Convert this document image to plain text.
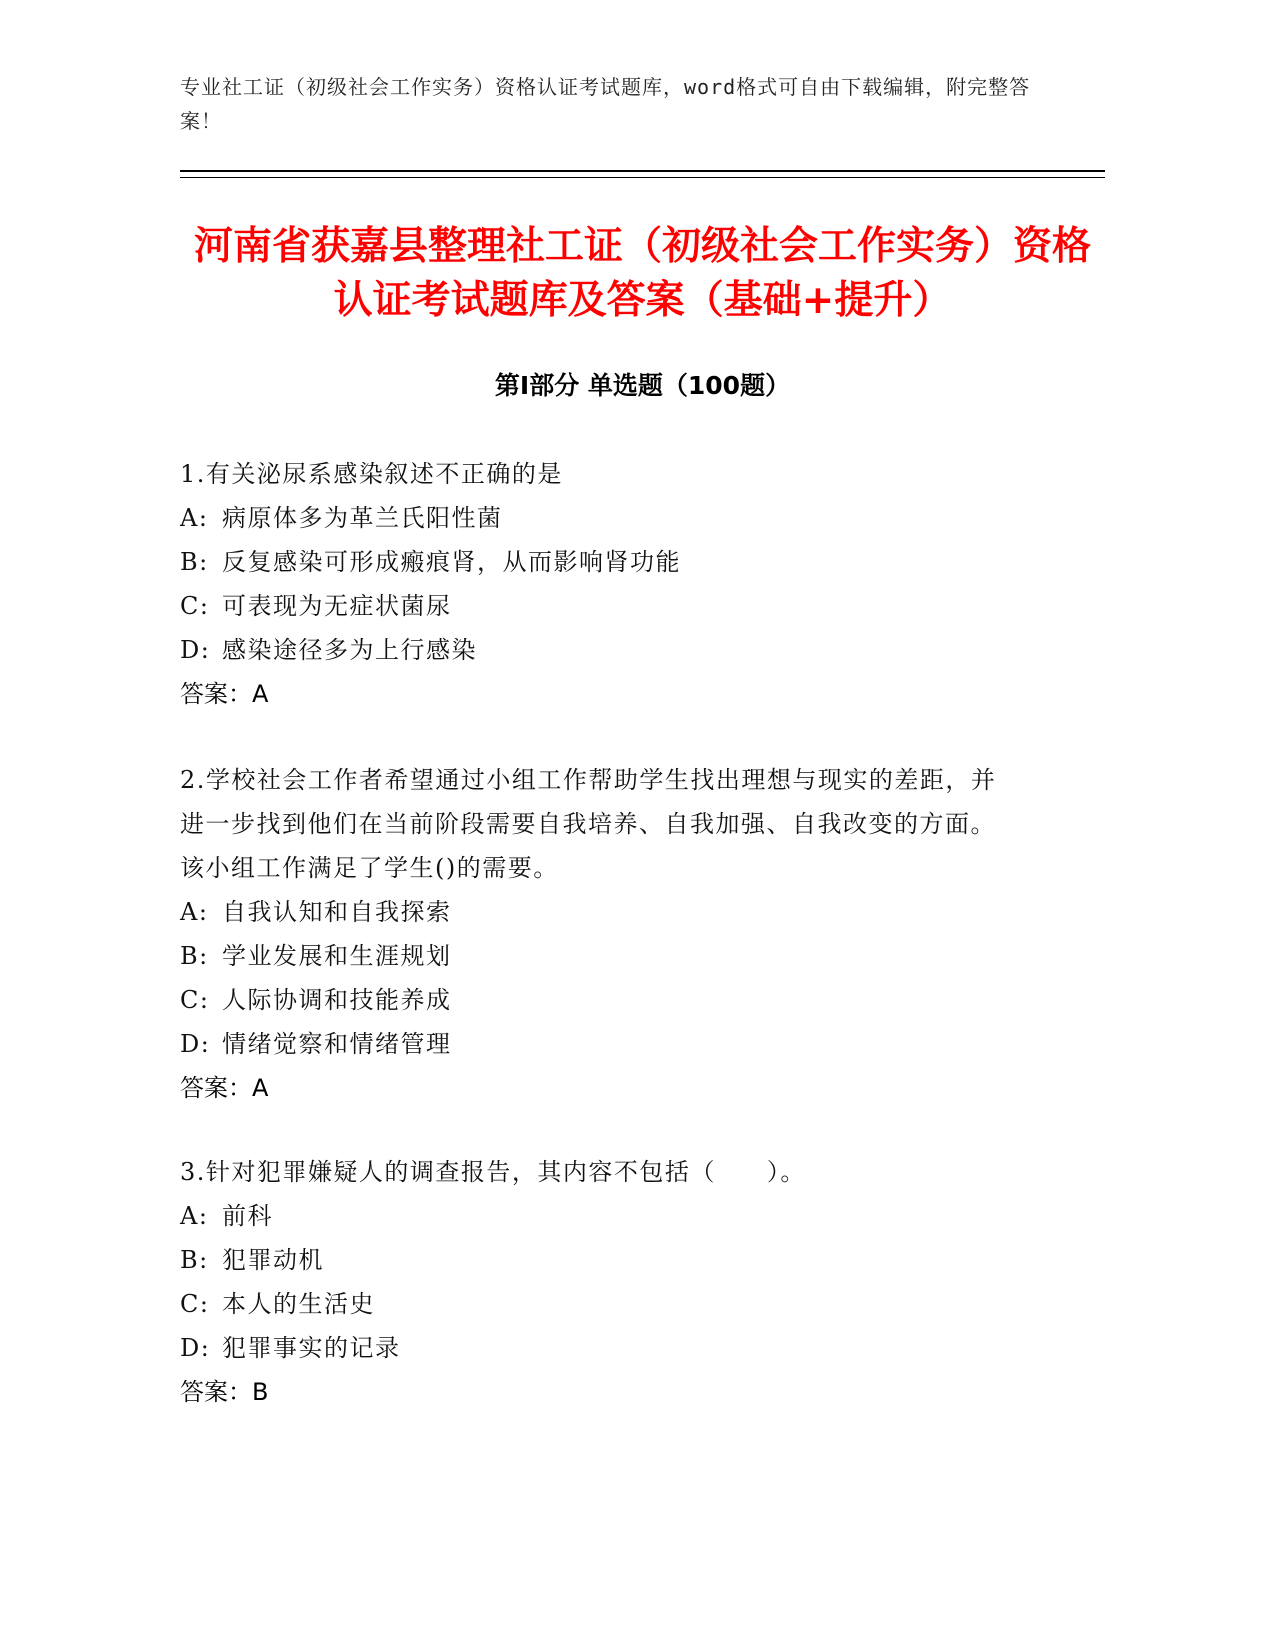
专业社工证（初级社会工作实务）资格认证考试题库，word格式可自由下载编辑，附完整答案！
河南省获嘉县整理社工证（初级社会工作实务）资格认证考试题库及答案（基础+提升）
第Ⅰ部分 单选题（100题）
1.有关泌尿系感染叙述不正确的是
A: 病原体多为革兰氏阳性菌
B: 反复感染可形成瘢痕肾，从而影响肾功能
C: 可表现为无症状菌尿
D: 感染途径多为上行感染
答案：A
2.学校社会工作者希望通过小组工作帮助学生找出理想与现实的差距，并进一步找到他们在当前阶段需要自我培养、自我加强、自我改变的方面。该小组工作满足了学生()的需要。
A: 自我认知和自我探索
B: 学业发展和生涯规划
C: 人际协调和技能养成
D: 情绪觉察和情绪管理
答案：A
3.针对犯罪嫌疑人的调查报告，其内容不包括（　　）。
A: 前科
B: 犯罪动机
C: 本人的生活史
D: 犯罪事实的记录
答案：B
